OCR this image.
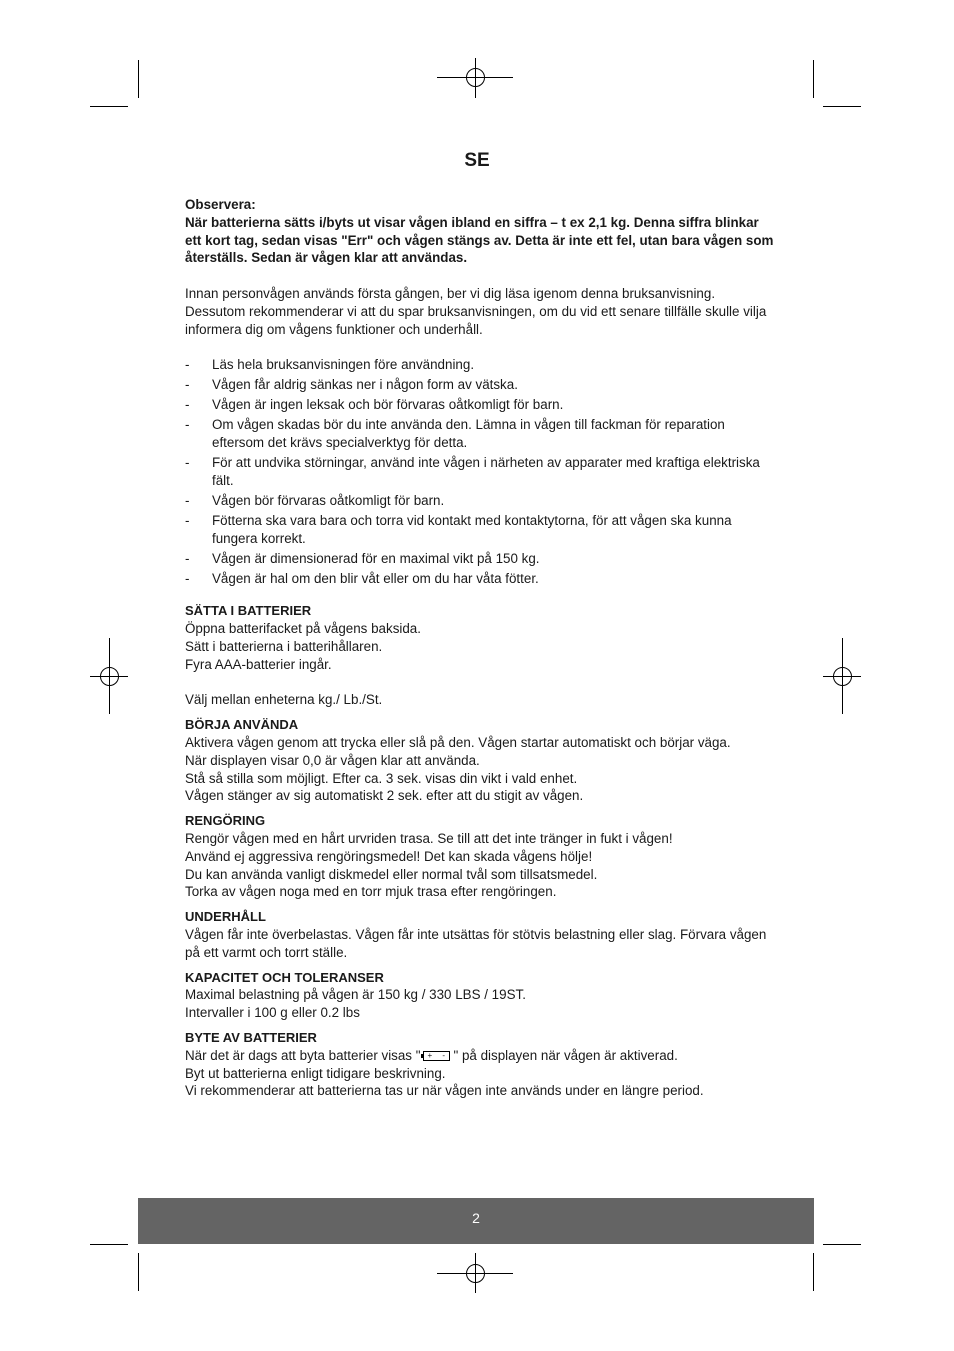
SE

Observera:

När batterierna sätts i/byts ut visar vågen ibland en siffra – t ex 2,1 kg. Denna siffra blinkar ett kort tag, sedan visas "Err" och vågen stängs av. Detta är inte ett fel, utan bara vågen som återställs. Sedan är vågen klar att användas.

Innan personvågen används första gången, ber vi dig läsa igenom denna bruksanvisning. Dessutom rekommenderar vi att du spar bruksanvisningen, om du vid ett senare tillfälle skulle vilja informera dig om vågens funktioner och underhåll.

- Läs hela bruksanvisningen före användning.
- Vågen får aldrig sänkas ner i någon form av vätska.
- Vågen är ingen leksak och bör förvaras oåtkomligt för barn.
- Om vågen skadas bör du inte använda den. Lämna in vågen till fackman för reparation eftersom det krävs specialverktyg för detta.
- För att undvika störningar, använd inte vågen i närheten av apparater med kraftiga elektriska fält.
- Vågen bör förvaras oåtkomligt för barn.
- Fötterna ska vara bara och torra vid kontakt med kontaktytorna, för att vågen ska kunna fungera korrekt.
- Vågen är dimensionerad för en maximal vikt på 150 kg.
- Vågen är hal om den blir våt eller om du har våta fötter.

SÄTTA I BATTERIER

Öppna batterifacket på vågens baksida.

Sätt i batterierna i batterihållaren.

Fyra AAA-batterier ingår.

Välj mellan enheterna kg./ Lb./St.

BÖRJA ANVÄNDA

Aktivera vågen genom att trycka eller slå på den. Vågen startar automatiskt och börjar väga.

När displayen visar 0,0 är vågen klar att använda.

Stå så stilla som möjligt. Efter ca. 3 sek. visas din vikt i vald enhet.

Vågen stänger av sig automatiskt 2 sek. efter att du stigit av vågen.

RENGÖRING

Rengör vågen med en hårt urvriden trasa. Se till att det inte tränger in fukt i vågen!

Använd ej aggressiva rengöringsmedel! Det kan skada vågens hölje!

Du kan använda vanligt diskmedel eller normal tvål som tillsatsmedel.

Torka av vågen noga med en torr mjuk trasa efter rengöringen.

UNDERHÅLL

Vågen får inte överbelastas. Vågen får inte utsättas för stötvis belastning eller slag. Förvara vågen på ett varmt och torrt ställe.

KAPACITET OCH TOLERANSER

Maximal belastning på vågen är 150 kg / 330 LBS / 19ST.

Intervaller i 100 g eller 0.2 lbs

BYTE AV BATTERIER

När det är dags att byta batterier visas " + - " på displayen när vågen är aktiverad.

Byt ut batterierna enligt tidigare beskrivning.

Vi rekommenderar att batterierna tas ur när vågen inte används under en längre period.

2
